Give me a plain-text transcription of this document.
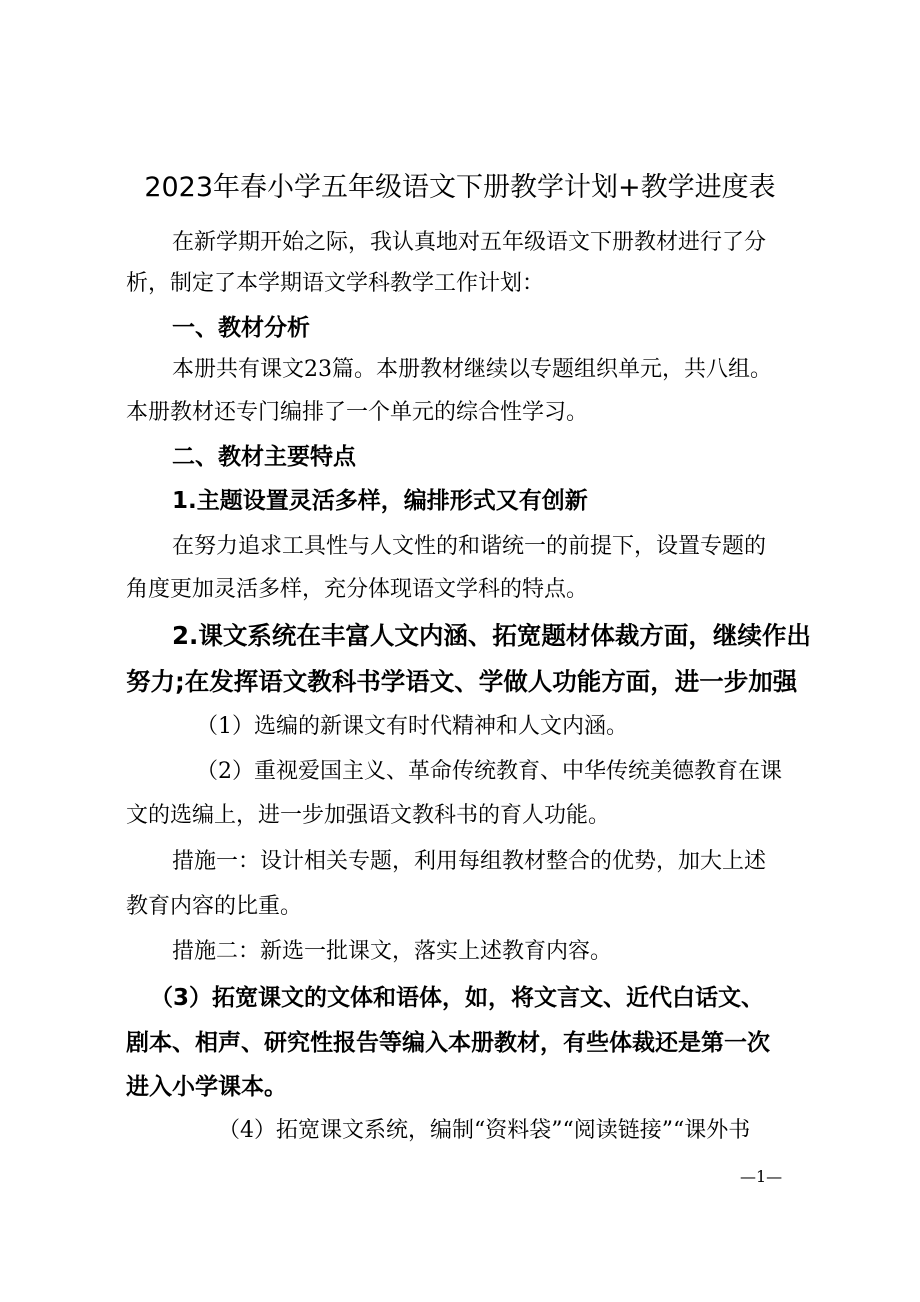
2023年春小学五年级语文下册教学计划+教学进度表
在新学期开始之际，我认真地对五年级语文下册教材进行了分
析，制定了本学期语文学科教学工作计划：
一、教材分析
本册共有课文23篇。本册教材继续以专题组织单元，共八组。
本册教材还专门编排了一个单元的综合性学习。
二、教材主要特点
1.主题设置灵活多样，编排形式又有创新
在努力追求工具性与人文性的和谐统一的前提下，设置专题的
角度更加灵活多样，充分体现语文学科的特点。
2.课文系统在丰富人文内涵、拓宽题材体裁方面，继续作出
努力;在发挥语文教科书学语文、学做人功能方面，进一步加强
（1）选编的新课文有时代精神和人文内涵。
（2）重视爱国主义、革命传统教育、中华传统美德教育在课
文的选编上，进一步加强语文教科书的育人功能。
措施一：设计相关专题，利用每组教材整合的优势，加大上述
教育内容的比重。
措施二：新选一批课文，落实上述教育内容。
（3）拓宽课文的文体和语体，如，将文言文、近代白话文、
剧本、相声、研究性报告等编入本册教材，有些体裁还是第一次
进入小学课本。
（4）拓宽课文系统，编制“资料袋”“阅读链接”“课外书
—1—
